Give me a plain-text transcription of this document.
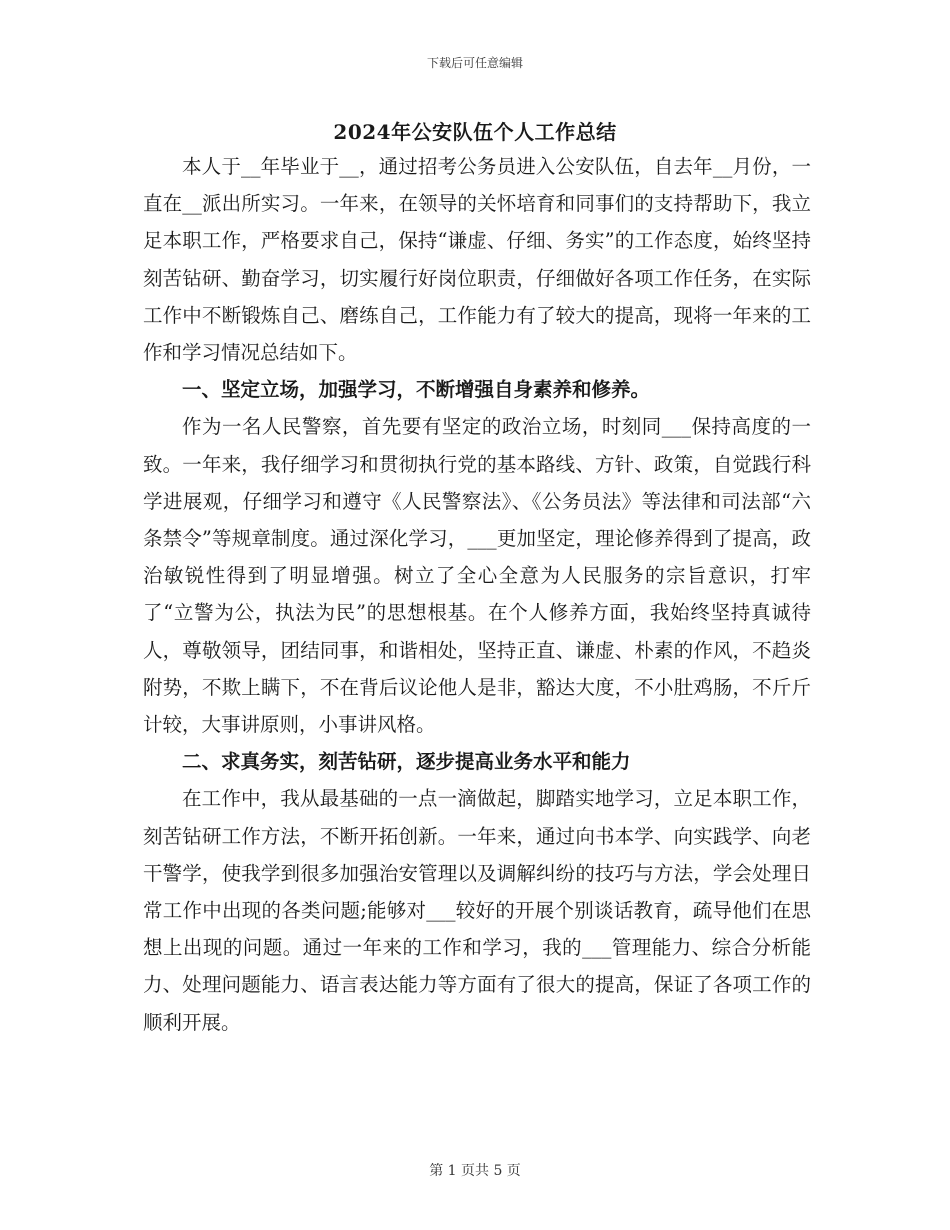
下载后可任意编辑
2024年公安队伍个人工作总结

本人于__年毕业于__，通过招考公务员进入公安队伍，自去年__月份，一直在__派出所实习。一年来，在领导的关怀培育和同事们的支持帮助下，我立足本职工作，严格要求自己，保持“谦虚、仔细、务实”的工作态度，始终坚持刻苦钻研、勤奋学习，切实履行好岗位职责，仔细做好各项工作任务，在实际工作中不断锻炼自己、磨练自己，工作能力有了较大的提高，现将一年来的工作和学习情况总结如下。

一、坚定立场，加强学习，不断增强自身素养和修养。

作为一名人民警察，首先要有坚定的政治立场，时刻同___保持高度的一致。一年来，我仔细学习和贯彻执行党的基本路线、方针、政策，自觉践行科学进展观，仔细学习和遵守《人民警察法》、《公务员法》等法律和司法部“六条禁令”等规章制度。通过深化学习，___更加坚定，理论修养得到了提高，政治敏锐性得到了明显增强。树立了全心全意为人民服务的宗旨意识，打牢了“立警为公，执法为民”的思想根基。在个人修养方面，我始终坚持真诚待人，尊敬领导，团结同事，和谐相处，坚持正直、谦虚、朴素的作风，不趋炎附势，不欺上瞒下，不在背后议论他人是非，豁达大度，不小肚鸡肠，不斤斤计较，大事讲原则，小事讲风格。

二、求真务实，刻苦钻研，逐步提高业务水平和能力

在工作中，我从最基础的一点一滴做起，脚踏实地学习，立足本职工作，刻苦钻研工作方法，不断开拓创新。一年来，通过向书本学、向实践学、向老干警学，使我学到很多加强治安管理以及调解纠纷的技巧与方法，学会处理日常工作中出现的各类问题;能够对___较好的开展个别谈话教育，疏导他们在思想上出现的问题。通过一年来的工作和学习，我的___管理能力、综合分析能力、处理问题能力、语言表达能力等方面有了很大的提高，保证了各项工作的顺利开展。

第 1 页共 5 页
